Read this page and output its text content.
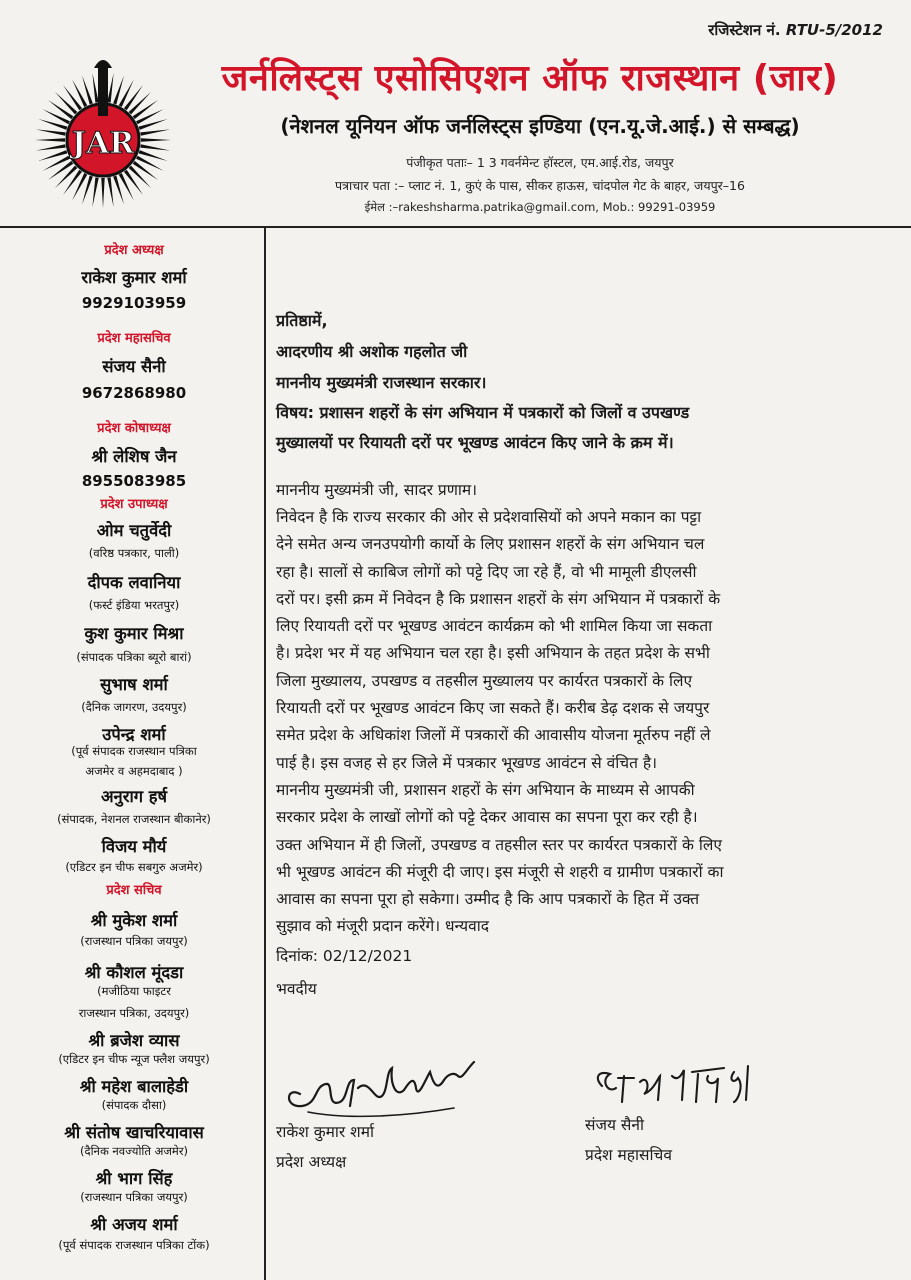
रजिस्टेशन नं. RTU-5/2012
JAR
जर्नलिस्ट्स एसोसिएशन ऑफ राजस्थान (जार)
(नेशनल यूनियन ऑफ जर्नलिस्ट्स इण्डिया (एन.यू.जे.आई.) से सम्बद्ध)
पंजीकृत पताः– 1 3 गवर्नमेन्ट हॉस्टल, एम.आई.रोड, जयपुर
पत्राचार पता :– प्लाट नं. 1, कुएं के पास, सीकर हाऊस, चांदपोल गेट के बाहर, जयपुर–16
ईमेल :–rakeshsharma.patrika@gmail.com, Mob.: 99291-03959
प्रदेश अध्यक्ष
राकेश कुमार शर्मा
9929103959
प्रदेश महासचिव
संजय सैनी
9672868980
प्रदेश कोषाध्यक्ष
श्री लेशिष जैन
8955083985
प्रदेश उपाध्यक्ष
ओम चतुर्वेदी
(वरिष्ठ पत्रकार, पाली)
दीपक लवानिया
(फर्स्ट इंडिया भरतपुर)
कुश कुमार मिश्रा
(संपादक पत्रिका ब्यूरो बारां)
सुभाष शर्मा
(दैनिक जागरण, उदयपुर)
उपेन्द्र शर्मा
(पूर्व संपादक राजस्थान पत्रिका
अजमेर व अहमदाबाद )
अनुराग हर्ष
(संपादक, नेशनल राजस्थान बीकानेर)
विजय मौर्य
(एडिटर इन चीफ सबगुरु अजमेर)
प्रदेश सचिव
श्री मुकेश शर्मा
(राजस्थान पत्रिका जयपुर)
श्री कौशल मूंदडा
(मजीठिया फाइटर
राजस्थान पत्रिका, उदयपुर)
श्री ब्रजेश व्यास
(एडिटर इन चीफ न्यूज फ्लैश जयपुर)
श्री महेश बालाहेडी
(संपादक दौसा)
श्री संतोष खाचरियावास
(दैनिक नवज्योति अजमेर)
श्री भाग सिंह
(राजस्थान पत्रिका जयपुर)
श्री अजय शर्मा
(पूर्व संपादक राजस्थान पत्रिका टोंक)
प्रतिष्ठामें,
आदरणीय श्री अशोक गहलोत जी
माननीय मुख्यमंत्री राजस्थान सरकार।
विषय: प्रशासन शहरों के संग अभियान में पत्रकारों को जिलों व उपखण्ड
मुख्यालयों पर रियायती दरों पर भूखण्ड आवंटन किए जाने के क्रम में।
माननीय मुख्यमंत्री जी, सादर प्रणाम।
निवेदन है कि राज्य सरकार की ओर से प्रदेशवासियों को अपने मकान का पट्टा
देने समेत अन्य जनउपयोगी कार्यो के लिए प्रशासन शहरों के संग अभियान चल
रहा है। सालों से काबिज लोगों को पट्टे दिए जा रहे हैं, वो भी मामूली डीएलसी
दरों पर। इसी क्रम में निवेदन है कि प्रशासन शहरों के संग अभियान में पत्रकारों के
लिए रियायती दरों पर भूखण्ड आवंटन कार्यक्रम को भी शामिल किया जा सकता
है। प्रदेश भर में यह अभियान चल रहा है। इसी अभियान के तहत प्रदेश के सभी
जिला मुख्यालय, उपखण्ड व तहसील मुख्यालय पर कार्यरत पत्रकारों के लिए
रियायती दरों पर भूखण्ड आवंटन किए जा सकते हैं। करीब डेढ़ दशक से जयपुर
समेत प्रदेश के अधिकांश जिलों में पत्रकारों की आवासीय योजना मूर्तरुप नहीं ले
पाई है। इस वजह से हर जिले में पत्रकार भूखण्ड आवंटन से वंचित है।
माननीय मुख्यमंत्री जी, प्रशासन शहरों के संग अभियान के माध्यम से आपकी
सरकार प्रदेश के लाखों लोगों को पट्टे देकर आवास का सपना पूरा कर रही है।
उक्त अभियान में ही जिलों, उपखण्ड व तहसील स्तर पर कार्यरत पत्रकारों के लिए
भी भूखण्ड आवंटन की मंजूरी दी जाए। इस मंजूरी से शहरी व ग्रामीण पत्रकारों का
आवास का सपना पूरा हो सकेगा। उम्मीद है कि आप पत्रकारों के हित में उक्त
सुझाव को मंजूरी प्रदान करेंगे। धन्यवाद
दिनांक: 02/12/2021
भवदीय
राकेश कुमार शर्मा
प्रदेश अध्यक्ष
संजय सैनी
प्रदेश महासचिव
